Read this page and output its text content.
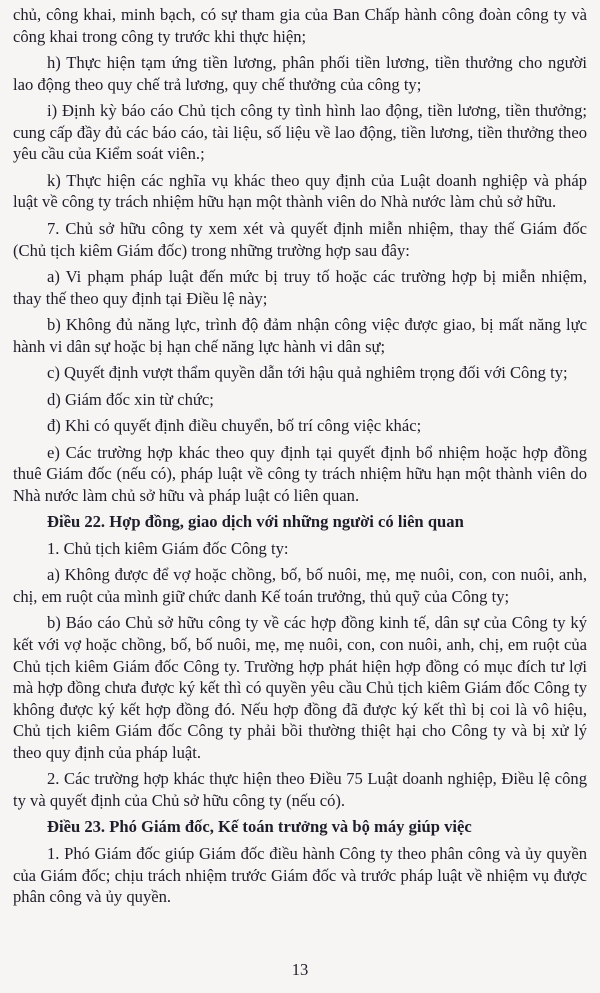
chủ, công khai, minh bạch, có sự tham gia của Ban Chấp hành công đoàn công ty và công khai trong công ty trước khi thực hiện;

h) Thực hiện tạm ứng tiền lương, phân phối tiền lương, tiền thưởng cho người lao động theo quy chế trả lương, quy chế thưởng của công ty;

i) Định kỳ báo cáo Chủ tịch công ty tình hình lao động, tiền lương, tiền thưởng; cung cấp đầy đủ các báo cáo, tài liệu, số liệu về lao động, tiền lương, tiền thưởng theo yêu cầu của Kiểm soát viên.;

k) Thực hiện các nghĩa vụ khác theo quy định của Luật doanh nghiệp và pháp luật về công ty trách nhiệm hữu hạn một thành viên do Nhà nước làm chủ sở hữu.

7. Chủ sở hữu công ty xem xét và quyết định miễn nhiệm, thay thế Giám đốc (Chủ tịch kiêm Giám đốc) trong những trường hợp sau đây:

a) Vi phạm pháp luật đến mức bị truy tố hoặc các trường hợp bị miễn nhiệm, thay thế theo quy định tại Điều lệ này;

b) Không đủ năng lực, trình độ đảm nhận công việc được giao, bị mất năng lực hành vi dân sự hoặc bị hạn chế năng lực hành vi dân sự;

c) Quyết định vượt thẩm quyền dẫn tới hậu quả nghiêm trọng đối với Công ty;

d) Giám đốc xin từ chức;

đ) Khi có quyết định điều chuyển, bố trí công việc khác;

e) Các trường hợp khác theo quy định tại quyết định bổ nhiệm hoặc hợp đồng thuê Giám đốc (nếu có), pháp luật về công ty trách nhiệm hữu hạn một thành viên do Nhà nước làm chủ sở hữu và pháp luật có liên quan.

Điều 22. Hợp đồng, giao dịch với những người có liên quan

1. Chủ tịch kiêm Giám đốc Công ty:

a) Không được để vợ hoặc chồng, bố, bố nuôi, mẹ, mẹ nuôi, con, con nuôi, anh, chị, em ruột của mình giữ chức danh Kế toán trưởng, thủ quỹ của Công ty;

b) Báo cáo Chủ sở hữu công ty về các hợp đồng kinh tế, dân sự của Công ty ký kết với vợ hoặc chồng, bố, bố nuôi, mẹ, mẹ nuôi, con, con nuôi, anh, chị, em ruột của Chủ tịch kiêm Giám đốc Công ty. Trường hợp phát hiện hợp đồng có mục đích tư lợi mà hợp đồng chưa được ký kết thì có quyền yêu cầu Chủ tịch kiêm Giám đốc Công ty không được ký kết hợp đồng đó. Nếu hợp đồng đã được ký kết thì bị coi là vô hiệu, Chủ tịch kiêm Giám đốc Công ty phải bồi thường thiệt hại cho Công ty và bị xử lý theo quy định của pháp luật.

2. Các trường hợp khác thực hiện theo Điều 75 Luật doanh nghiệp, Điều lệ công ty và quyết định của Chủ sở hữu công ty (nếu có).

Điều 23. Phó Giám đốc, Kế toán trưởng và bộ máy giúp việc

1. Phó Giám đốc giúp Giám đốc điều hành Công ty theo phân công và ủy quyền của Giám đốc; chịu trách nhiệm trước Giám đốc và trước pháp luật về nhiệm vụ được phân công và ủy quyền.

13
